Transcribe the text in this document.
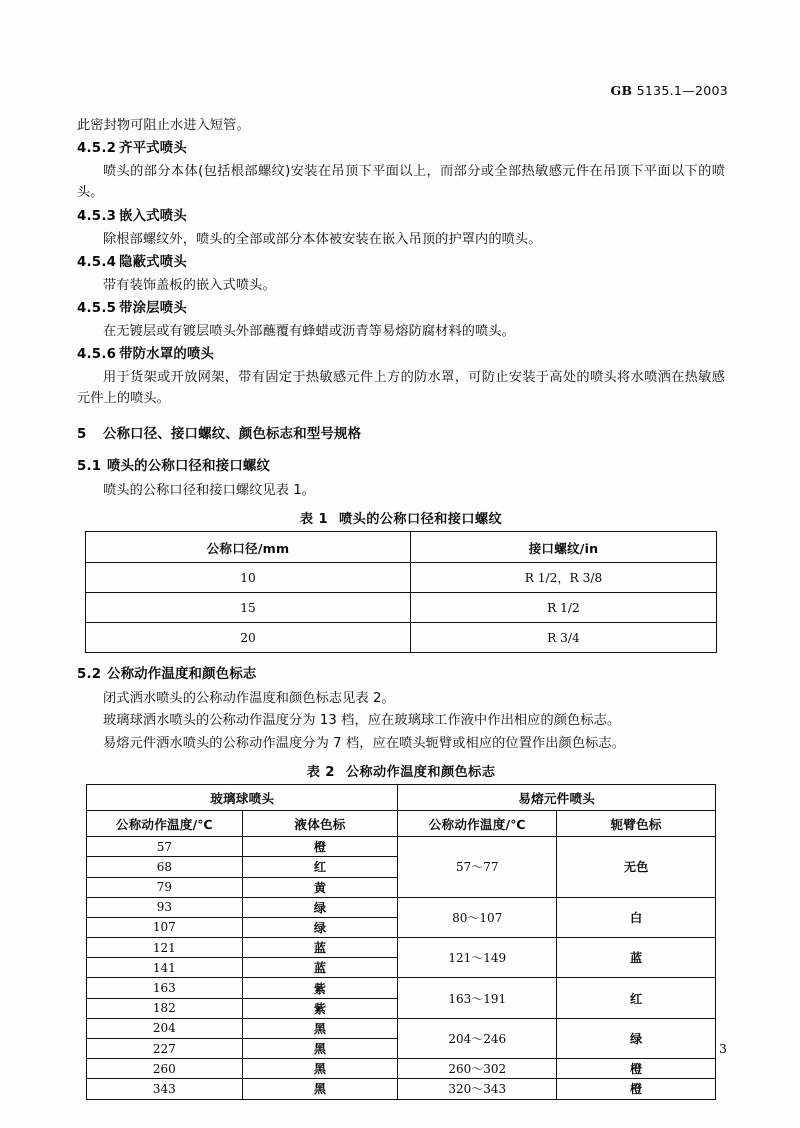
GB 5135.1—2003

此密封物可阻止水进入短管。

4.5.2 齐平式喷头

喷头的部分本体(包括根部螺纹)安装在吊顶下平面以上，而部分或全部热敏感元件在吊顶下平面以下的喷头。

4.5.3 嵌入式喷头

除根部螺纹外，喷头的全部或部分本体被安装在嵌入吊顶的护罩内的喷头。

4.5.4 隐蔽式喷头

带有装饰盖板的嵌入式喷头。

4.5.5 带涂层喷头

在无镀层或有镀层喷头外部蘸覆有蜂蜡或沥青等易熔防腐材料的喷头。

4.5.6 带防水罩的喷头

用于货架或开放网架，带有固定于热敏感元件上方的防水罩，可防止安装于高处的喷头将水喷洒在热敏感元件上的喷头。

5 公称口径、接口螺纹、颜色标志和型号规格

5.1 喷头的公称口径和接口螺纹

喷头的公称口径和接口螺纹见表 1。

表 1 喷头的公称口径和接口螺纹

公称口径/mm	接口螺纹/in
10	R 1/2，R 3/8
15	R 1/2
20	R 3/4

5.2 公称动作温度和颜色标志

闭式洒水喷头的公称动作温度和颜色标志见表 2。

玻璃球洒水喷头的公称动作温度分为 13 档，应在玻璃球工作液中作出相应的颜色标志。

易熔元件洒水喷头的公称动作温度分为 7 档，应在喷头轭臂或相应的位置作出颜色标志。

表 2 公称动作温度和颜色标志

玻璃球喷头		易熔元件喷头	
公称动作温度/℃	液体色标	公称动作温度/℃	轭臂色标
57	橙	57～77	无色
68	红		
79	黄		
93	绿	80～107	白
107	绿		
121	蓝	121～149	蓝
141	蓝		
163	紫	163～191	红
182	紫		
204	黑	204～246	绿
227	黑		
260	黑	260～302	橙
343	黑	320～343	橙
3
